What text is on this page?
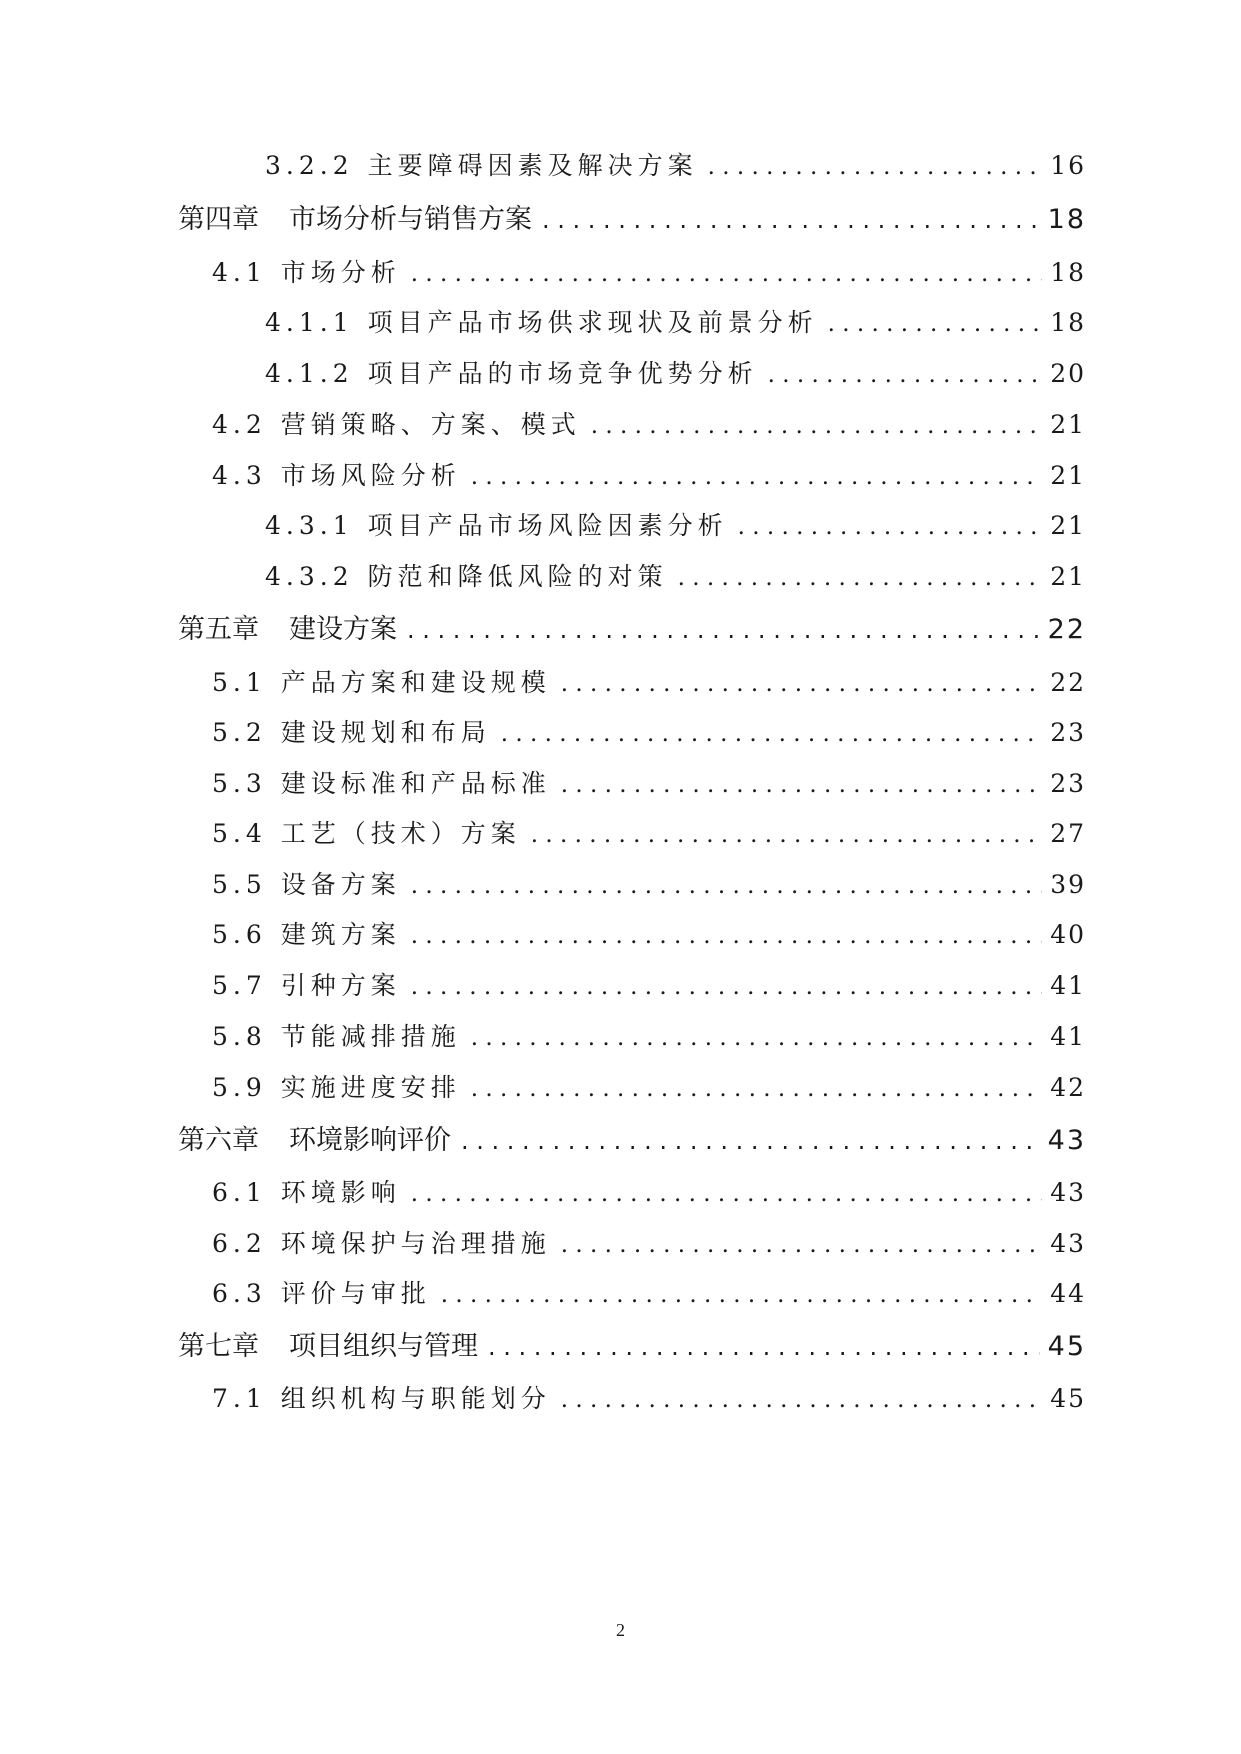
3.2.2 主要障碍因素及解决方案 . . .	16
第四章 市场分析与销售方案 . . .	18
4.1 市场分析 . . .	18
4.1.1 项目产品市场供求现状及前景分析 . . .	18
4.1.2 项目产品的市场竞争优势分析 . . .	20
4.2 营销策略、方案、模式 . . .	21
4.3 市场风险分析 . . .	21
4.3.1 项目产品市场风险因素分析 . . .	21
4.3.2 防范和降低风险的对策 . . .	21
第五章 建设方案 . . .	22
5.1 产品方案和建设规模 . . .	22
5.2 建设规划和布局 . . .	23
5.3 建设标准和产品标准 . . .	23
5.4 工艺（技术）方案 . . .	27
5.5 设备方案 . . .	39
5.6 建筑方案 . . .	40
5.7 引种方案 . . .	41
5.8 节能减排措施 . . .	41
5.9 实施进度安排 . . .	42
第六章 环境影响评价 . . .	43
6.1 环境影响 . . .	43
6.2 环境保护与治理措施 . . .	43
6.3 评价与审批 . . .	44
第七章 项目组织与管理 . . .	45
7.1 组织机构与职能划分 . . .	45
2
